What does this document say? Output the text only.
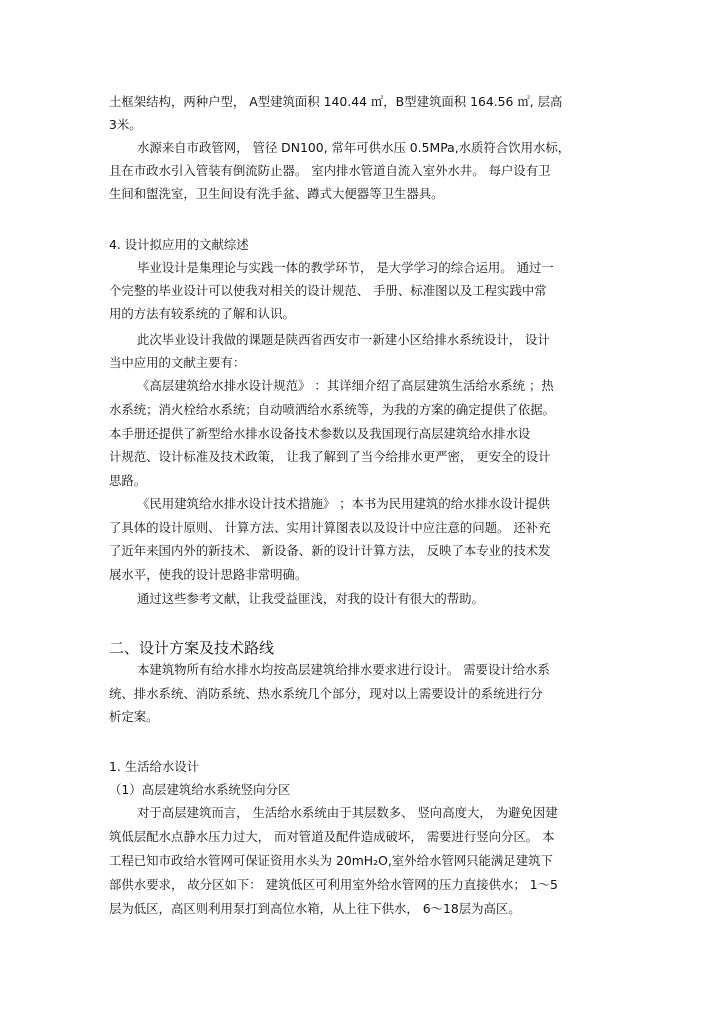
土框架结构，两种户型， A型建筑面积 140.44 ㎡，B型建筑面积 164.56 ㎡, 层高
3米。
水源来自市政管网， 管径 DN100, 常年可供水压 0.5MPa,水质符合饮用水标，
且在市政水引入管装有倒流防止器。 室内排水管道自流入室外水井。 每户设有卫
生间和盥洗室，卫生间设有洗手盆、蹲式大便器等卫生器具。
4. 设计拟应用的文献综述
毕业设计是集理论与实践一体的教学环节， 是大学学习的综合运用。 通过一
个完整的毕业设计可以使我对相关的设计规范、 手册、标准图以及工程实践中常
用的方法有较系统的了解和认识。
此次毕业设计我做的课题是陕西省西安市一新建小区给排水系统设计， 设计
当中应用的文献主要有：
《高层建筑给水排水设计规范》 ：其详细介绍了高层建筑生活给水系统 ；热
水系统；消火栓给水系统；自动喷洒给水系统等，为我的方案的确定提供了依据。
本手册还提供了新型给水排水设备技术参数以及我国现行高层建筑给水排水设
计规范、设计标准及技术政策， 让我了解到了当今给排水更严密， 更安全的设计
思路。
《民用建筑给水排水设计技术措施》 ；本书为民用建筑的给水排水设计提供
了具体的设计原则、 计算方法、实用计算图表以及设计中应注意的问题。 还补充
了近年来国内外的新技术、 新设备、新的设计计算方法， 反映了本专业的技术发
展水平，使我的设计思路非常明确。
通过这些参考文献，让我受益匪浅，对我的设计有很大的帮助。
二、设计方案及技术路线
本建筑物所有给水排水均按高层建筑给排水要求进行设计。 需要设计给水系
统、排水系统、消防系统、热水系统几个部分，现对以上需要设计的系统进行分
析定案。
1. 生活给水设计
（1）高层建筑给水系统竖向分区
对于高层建筑而言， 生活给水系统由于其层数多、 竖向高度大， 为避免因建
筑低层配水点静水压力过大， 而对管道及配件造成破坏， 需要进行竖向分区。 本
工程已知市政给水管网可保证资用水头为 20mH₂O,室外给水管网只能满足建筑下
部供水要求， 故分区如下： 建筑低区可利用室外给水管网的压力直接供水； 1～5
层为低区，高区则利用泵打到高位水箱，从上往下供水， 6～18层为高区。
